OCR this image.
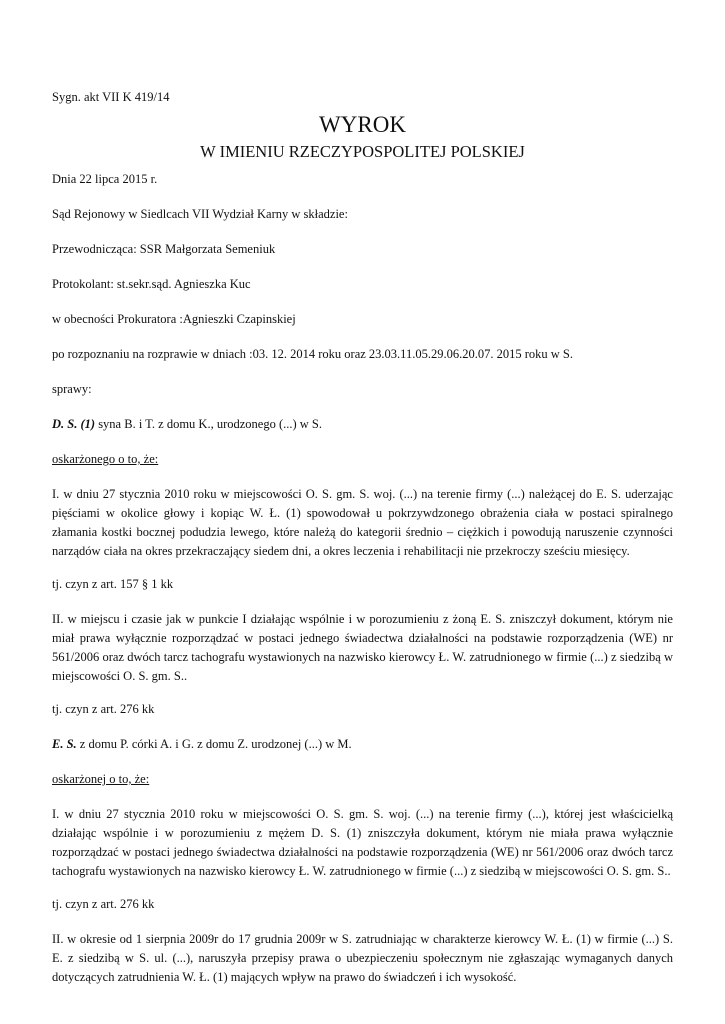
Sygn. akt VII K 419/14

WYROK

W IMIENIU RZECZYPOSPOLITEJ POLSKIEJ

Dnia 22 lipca 2015 r.

Sąd Rejonowy w Siedlcach VII Wydział Karny w składzie:

Przewodnicząca: SSR Małgorzata Semeniuk

Protokolant: st.sekr.sąd. Agnieszka Kuc

w obecności Prokuratora :Agnieszki Czapinskiej

po rozpoznaniu na rozprawie w dniach :03. 12. 2014 roku oraz 23.03.11.05.29.06.20.07. 2015 roku w S.

sprawy:

D. S. (1) syna B. i T. z domu K., urodzonego (...) w S.

oskarżonego o to, że:

I. w dniu 27 stycznia 2010 roku w miejscowości O. S. gm. S. woj. (...) na terenie firmy (...) należącej do E. S. uderzając pięściami w okolice głowy i kopiąc W. Ł. (1) spowodował u pokrzywdzonego obrażenia ciała w postaci spiralnego złamania kostki bocznej podudzia lewego, które należą do kategorii średnio – ciężkich i powodują naruszenie czynności narządów ciała na okres przekraczający siedem dni, a okres leczenia i rehabilitacji nie przekroczy sześciu miesięcy.

tj. czyn z art. 157 § 1 kk

II. w miejscu i czasie jak w punkcie I działając wspólnie i w porozumieniu z żoną E. S. zniszczył dokument, którym nie miał prawa wyłącznie rozporządzać w postaci jednego świadectwa działalności na podstawie rozporządzenia (WE) nr 561/2006 oraz dwóch tarcz tachografu wystawionych na nazwisko kierowcy Ł. W. zatrudnionego w firmie (...) z siedzibą w miejscowości O. S. gm. S..

tj. czyn z art. 276 kk

E. S. z domu P. córki A. i G. z domu Z. urodzonej (...) w M.

oskarżonej o to, że:

I. w dniu 27 stycznia 2010 roku w miejscowości O. S. gm. S. woj. (...) na terenie firmy (...), której jest właścicielką działając wspólnie i w porozumieniu z mężem D. S. (1) zniszczyła dokument, którym nie miała prawa wyłącznie rozporządzać w postaci jednego świadectwa działalności na podstawie rozporządzenia (WE) nr 561/2006 oraz dwóch tarcz tachografu wystawionych na nazwisko kierowcy Ł. W. zatrudnionego w firmie (...) z siedzibą w miejscowości O. S. gm. S..

tj. czyn z art. 276 kk

II. w okresie od 1 sierpnia 2009r do 17 grudnia 2009r w S. zatrudniając w charakterze kierowcy W. Ł. (1) w firmie (...) S. E. z siedzibą w S. ul. (...), naruszyła przepisy prawa o ubezpieczeniu społecznym nie zgłaszając wymaganych danych dotyczących zatrudnienia W. Ł. (1) mających wpływ na prawo do świadczeń i ich wysokość.
